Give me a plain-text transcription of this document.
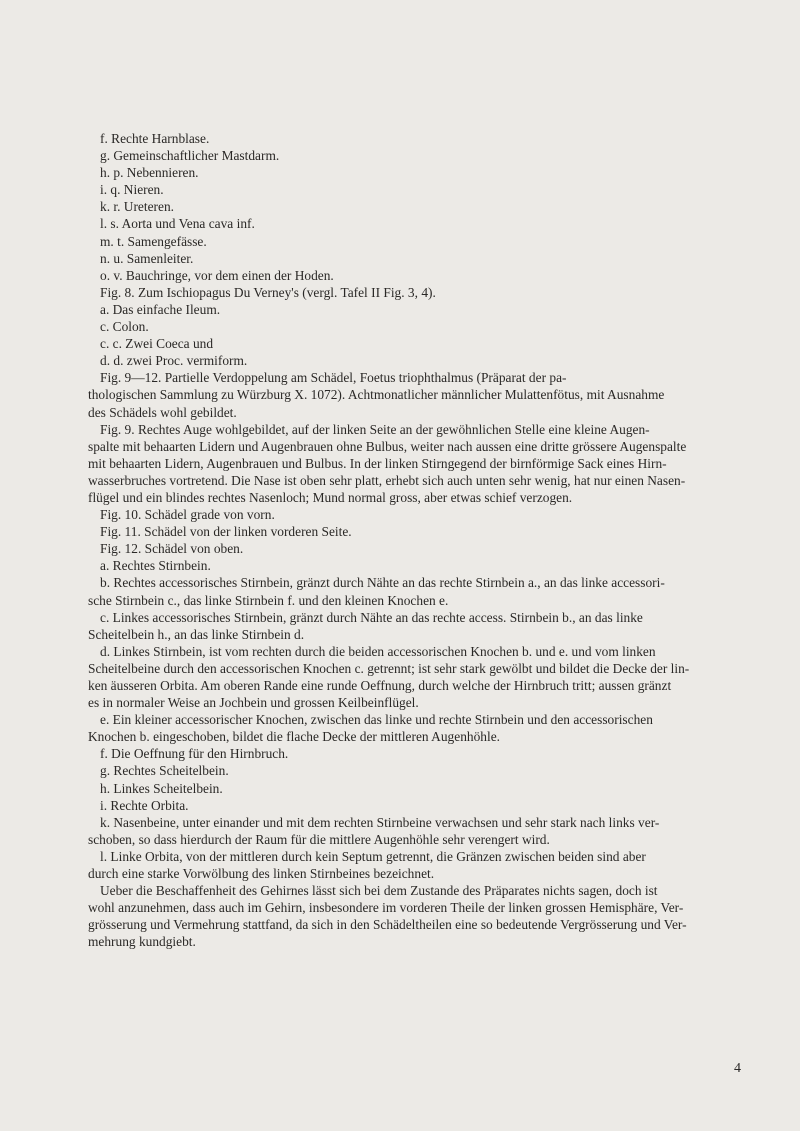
f. Rechte Harnblase.
g. Gemeinschaftlicher Mastdarm.
h. p. Nebennieren.
i. q. Nieren.
k. r. Ureteren.
l. s. Aorta und Vena cava inf.
m. t. Samengefässe.
n. u. Samenleiter.
o. v. Bauchringe, vor dem einen der Hoden.
Fig. 8. Zum Ischiopagus Du Verney's (vergl. Tafel II Fig. 3, 4).
a. Das einfache Ileum.
c. Colon.
c. c. Zwei Coeca und
d. d. zwei Proc. vermiform.
Fig. 9—12. Partielle Verdoppelung am Schädel, Foetus triophthalmus (Präparat der pa-
thologischen Sammlung zu Würzburg X. 1072). Achtmonatlicher männlicher Mulattenfötus, mit Ausnahme
des Schädels wohl gebildet.
Fig. 9. Rechtes Auge wohlgebildet, auf der linken Seite an der gewöhnlichen Stelle eine kleine Augen-
spalte mit behaarten Lidern und Augenbrauen ohne Bulbus, weiter nach aussen eine dritte grössere Augenspalte
mit behaarten Lidern, Augenbrauen und Bulbus. In der linken Stirngegend der birnförmige Sack eines Hirn-
wasserbruches vortretend. Die Nase ist oben sehr platt, erhebt sich auch unten sehr wenig, hat nur einen Nasen-
flügel und ein blindes rechtes Nasenloch; Mund normal gross, aber etwas schief verzogen.
Fig. 10. Schädel grade von vorn.
Fig. 11. Schädel von der linken vorderen Seite.
Fig. 12. Schädel von oben.
a. Rechtes Stirnbein.
b. Rechtes accessorisches Stirnbein, gränzt durch Nähte an das rechte Stirnbein a., an das linke accessori-
sche Stirnbein c., das linke Stirnbein f. und den kleinen Knochen e.
c. Linkes accessorisches Stirnbein, gränzt durch Nähte an das rechte access. Stirnbein b., an das linke
Scheitelbein h., an das linke Stirnbein d.
d. Linkes Stirnbein, ist vom rechten durch die beiden accessorischen Knochen b. und e. und vom linken
Scheitelbeine durch den accessorischen Knochen c. getrennt; ist sehr stark gewölbt und bildet die Decke der lin-
ken äusseren Orbita. Am oberen Rande eine runde Oeffnung, durch welche der Hirnbruch tritt; aussen gränzt
es in normaler Weise an Jochbein und grossen Keilbeinflügel.
e. Ein kleiner accessorischer Knochen, zwischen das linke und rechte Stirnbein und den accessorischen
Knochen b. eingeschoben, bildet die flache Decke der mittleren Augenhöhle.
f. Die Oeffnung für den Hirnbruch.
g. Rechtes Scheitelbein.
h. Linkes Scheitelbein.
i. Rechte Orbita.
k. Nasenbeine, unter einander und mit dem rechten Stirnbeine verwachsen und sehr stark nach links ver-
schoben, so dass hierdurch der Raum für die mittlere Augenhöhle sehr verengert wird.
l. Linke Orbita, von der mittleren durch kein Septum getrennt, die Gränzen zwischen beiden sind aber
durch eine starke Vorwölbung des linken Stirnbeines bezeichnet.
Ueber die Beschaffenheit des Gehirnes lässt sich bei dem Zustande des Präparates nichts sagen, doch ist
wohl anzunehmen, dass auch im Gehirn, insbesondere im vorderen Theile der linken grossen Hemisphäre, Ver-
grösserung und Vermehrung stattfand, da sich in den Schädeltheilen eine so bedeutende Vergrösserung und Ver-
mehrung kundgiebt.
4
